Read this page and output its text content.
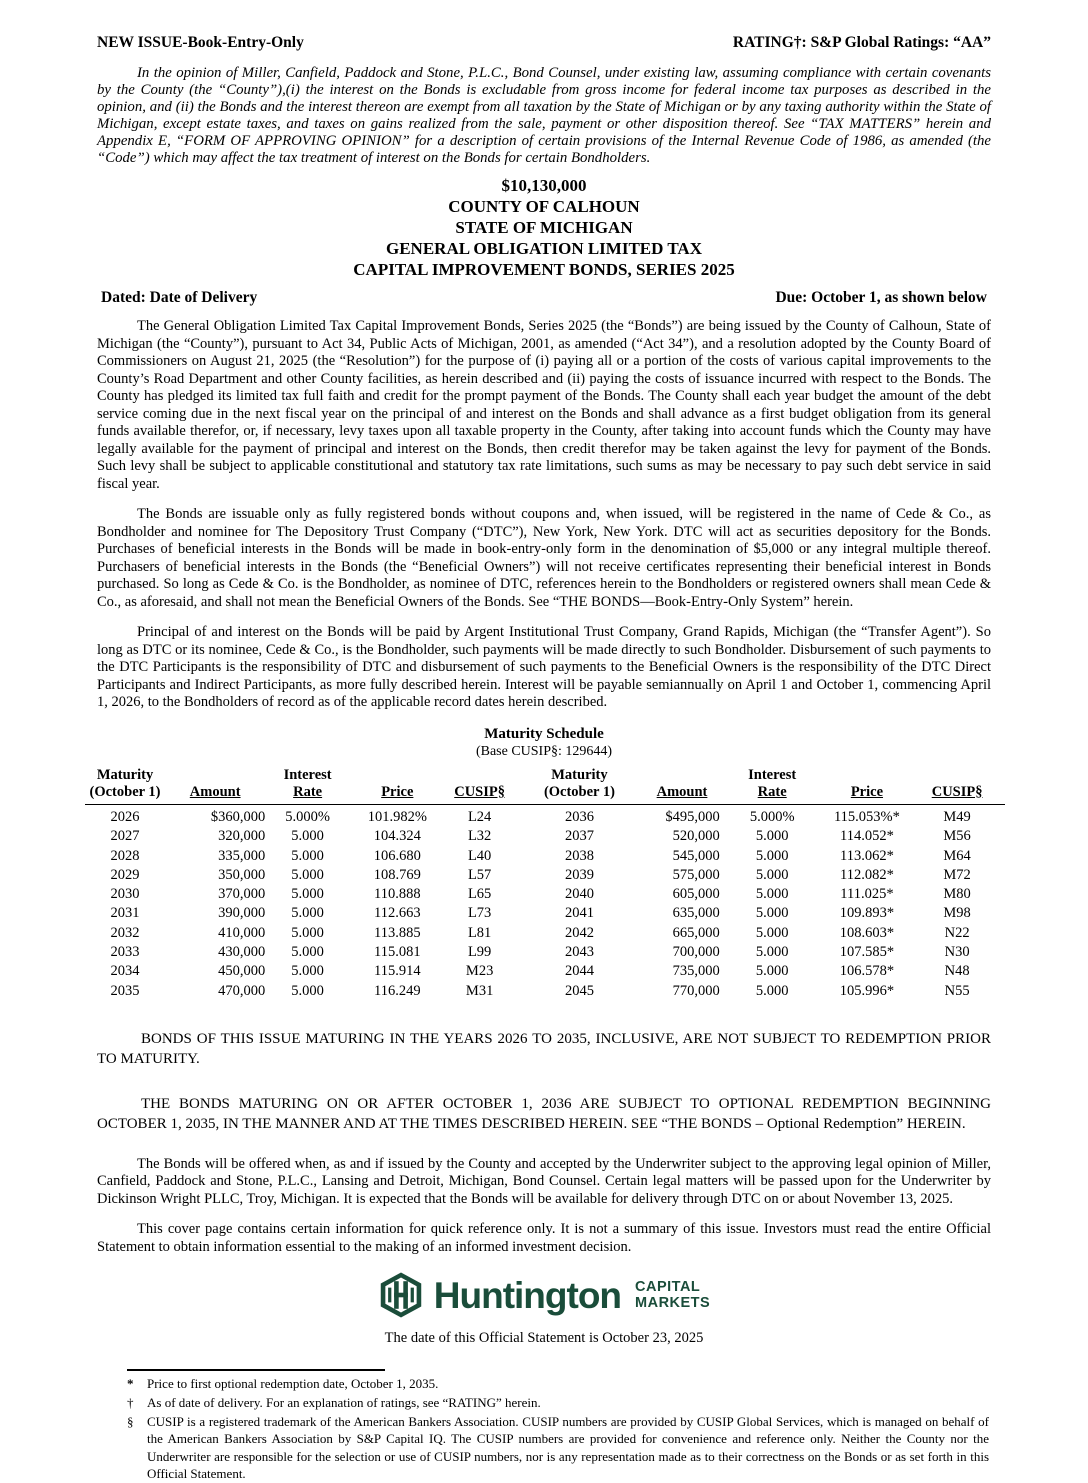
NEW ISSUE-Book-Entry-Only	RATING†: S&P Global Ratings: “AA”

In the opinion of Miller, Canfield, Paddock and Stone, P.L.C., Bond Counsel, under existing law, assuming compliance with certain covenants by the County (the “County”),(i) the interest on the Bonds is excludable from gross income for federal income tax purposes as described in the opinion, and (ii) the Bonds and the interest thereon are exempt from all taxation by the State of Michigan or by any taxing authority within the State of Michigan, except estate taxes, and taxes on gains realized from the sale, payment or other disposition thereof. See “TAX MATTERS” herein and Appendix E, “FORM OF APPROVING OPINION” for a description of certain provisions of the Internal Revenue Code of 1986, as amended (the “Code”) which may affect the tax treatment of interest on the Bonds for certain Bondholders.

$10,130,000
COUNTY OF CALHOUN
STATE OF MICHIGAN
GENERAL OBLIGATION LIMITED TAX
CAPITAL IMPROVEMENT BONDS, SERIES 2025
Dated: Date of Delivery	Due: October 1, as shown below

The General Obligation Limited Tax Capital Improvement Bonds, Series 2025 (the “Bonds”) are being issued by the County of Calhoun, State of Michigan (the “County”), pursuant to Act 34, Public Acts of Michigan, 2001, as amended (“Act 34”), and a resolution adopted by the County Board of Commissioners on August 21, 2025 (the “Resolution”) for the purpose of (i) paying all or a portion of the costs of various capital improvements to the County’s Road Department and other County facilities, as herein described and (ii) paying the costs of issuance incurred with respect to the Bonds. The County has pledged its limited tax full faith and credit for the prompt payment of the Bonds. The County shall each year budget the amount of the debt service coming due in the next fiscal year on the principal of and interest on the Bonds and shall advance as a first budget obligation from its general funds available therefor, or, if necessary, levy taxes upon all taxable property in the County, after taking into account funds which the County may have legally available for the payment of principal and interest on the Bonds, then credit therefor may be taken against the levy for payment of the Bonds. Such levy shall be subject to applicable constitutional and statutory tax rate limitations, such sums as may be necessary to pay such debt service in said fiscal year.

The Bonds are issuable only as fully registered bonds without coupons and, when issued, will be registered in the name of Cede & Co., as Bondholder and nominee for The Depository Trust Company (“DTC”), New York, New York. DTC will act as securities depository for the Bonds. Purchases of beneficial interests in the Bonds will be made in book-entry-only form in the denomination of $5,000 or any integral multiple thereof. Purchasers of beneficial interests in the Bonds (the “Beneficial Owners”) will not receive certificates representing their beneficial interest in Bonds purchased. So long as Cede & Co. is the Bondholder, as nominee of DTC, references herein to the Bondholders or registered owners shall mean Cede & Co., as aforesaid, and shall not mean the Beneficial Owners of the Bonds. See “THE BONDS—Book-Entry-Only System” herein.

Principal of and interest on the Bonds will be paid by Argent Institutional Trust Company, Grand Rapids, Michigan (the “Transfer Agent”). So long as DTC or its nominee, Cede & Co., is the Bondholder, such payments will be made directly to such Bondholder. Disbursement of such payments to the DTC Participants is the responsibility of DTC and disbursement of such payments to the Beneficial Owners is the responsibility of the DTC Direct Participants and Indirect Participants, as more fully described herein. Interest will be payable semiannually on April 1 and October 1, commencing April 1, 2026, to the Bondholders of record as of the applicable record dates herein described.

Maturity Schedule
(Base CUSIP§: 129644)
Maturity
(October 1)	Amount	Interest
Rate	Price	CUSIP§	Maturity
(October 1)	Amount	Interest
Rate	Price	CUSIP§
2026	$360,000	5.000%	101.982%	L24	2036	$495,000	5.000%	115.053%*	M49
2027	320,000	5.000	104.324	L32	2037	520,000	5.000	114.052*	M56
2028	335,000	5.000	106.680	L40	2038	545,000	5.000	113.062*	M64
2029	350,000	5.000	108.769	L57	2039	575,000	5.000	112.082*	M72
2030	370,000	5.000	110.888	L65	2040	605,000	5.000	111.025*	M80
2031	390,000	5.000	112.663	L73	2041	635,000	5.000	109.893*	M98
2032	410,000	5.000	113.885	L81	2042	665,000	5.000	108.603*	N22
2033	430,000	5.000	115.081	L99	2043	700,000	5.000	107.585*	N30
2034	450,000	5.000	115.914	M23	2044	735,000	5.000	106.578*	N48
2035	470,000	5.000	116.249	M31	2045	770,000	5.000	105.996*	N55

BONDS OF THIS ISSUE MATURING IN THE YEARS 2026 TO 2035, INCLUSIVE, ARE NOT SUBJECT TO REDEMPTION PRIOR TO MATURITY.

THE BONDS MATURING ON OR AFTER OCTOBER 1, 2036 ARE SUBJECT TO OPTIONAL REDEMPTION BEGINNING OCTOBER 1, 2035, IN THE MANNER AND AT THE TIMES DESCRIBED HEREIN. SEE “THE BONDS – Optional Redemption” HEREIN.

The Bonds will be offered when, as and if issued by the County and accepted by the Underwriter subject to the approving legal opinion of Miller, Canfield, Paddock and Stone, P.L.C., Lansing and Detroit, Michigan, Bond Counsel. Certain legal matters will be passed upon for the Underwriter by Dickinson Wright PLLC, Troy, Michigan. It is expected that the Bonds will be available for delivery through DTC on or about November 13, 2025.

This cover page contains certain information for quick reference only. It is not a summary of this issue. Investors must read the entire Official Statement to obtain information essential to the making of an informed investment decision.

Huntington CAPITAL
MARKETS
The date of this Official Statement is October 23, 2025
*	Price to first optional redemption date, October 1, 2035.
†	As of date of delivery. For an explanation of ratings, see “RATING” herein.
§	CUSIP is a registered trademark of the American Bankers Association. CUSIP numbers are provided by CUSIP Global Services, which is managed on behalf of the American Bankers Association by S&P Capital IQ. The CUSIP numbers are provided for convenience and reference only. Neither the County nor the Underwriter are responsible for the selection or use of CUSIP numbers, nor is any representation made as to their correctness on the Bonds or as set forth in this Official Statement.
